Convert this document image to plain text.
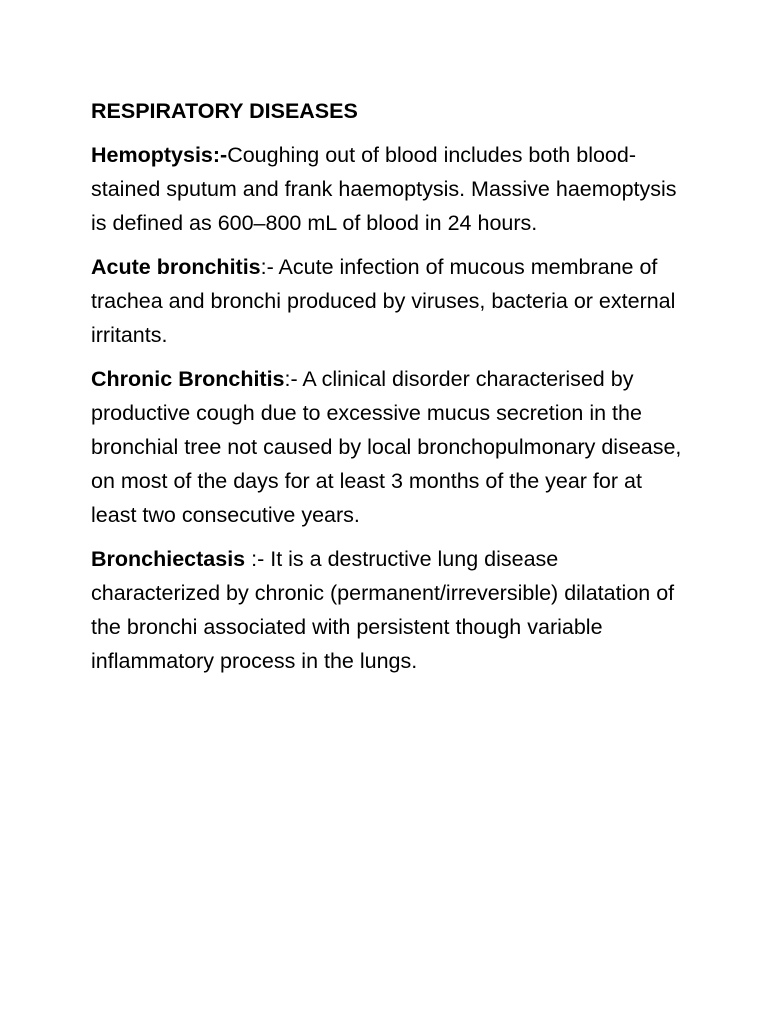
RESPIRATORY DISEASES

Hemoptysis:-Coughing out of blood includes both blood-stained sputum and frank haemoptysis. Massive haemoptysis is defined as 600–800 mL of blood in 24 hours.

Acute bronchitis:- Acute infection of mucous membrane of trachea and bronchi produced by viruses, bacteria or external irritants.

Chronic Bronchitis:- A clinical disorder characterised by productive cough due to excessive mucus secretion in the bronchial tree not caused by local bronchopulmonary disease, on most of the days for at least 3 months of the year for at least two consecutive years.

Bronchiectasis :- It is a destructive lung disease characterized by chronic (permanent/irreversible) dilatation of the bronchi associated with persistent though variable inflammatory process in the lungs.
